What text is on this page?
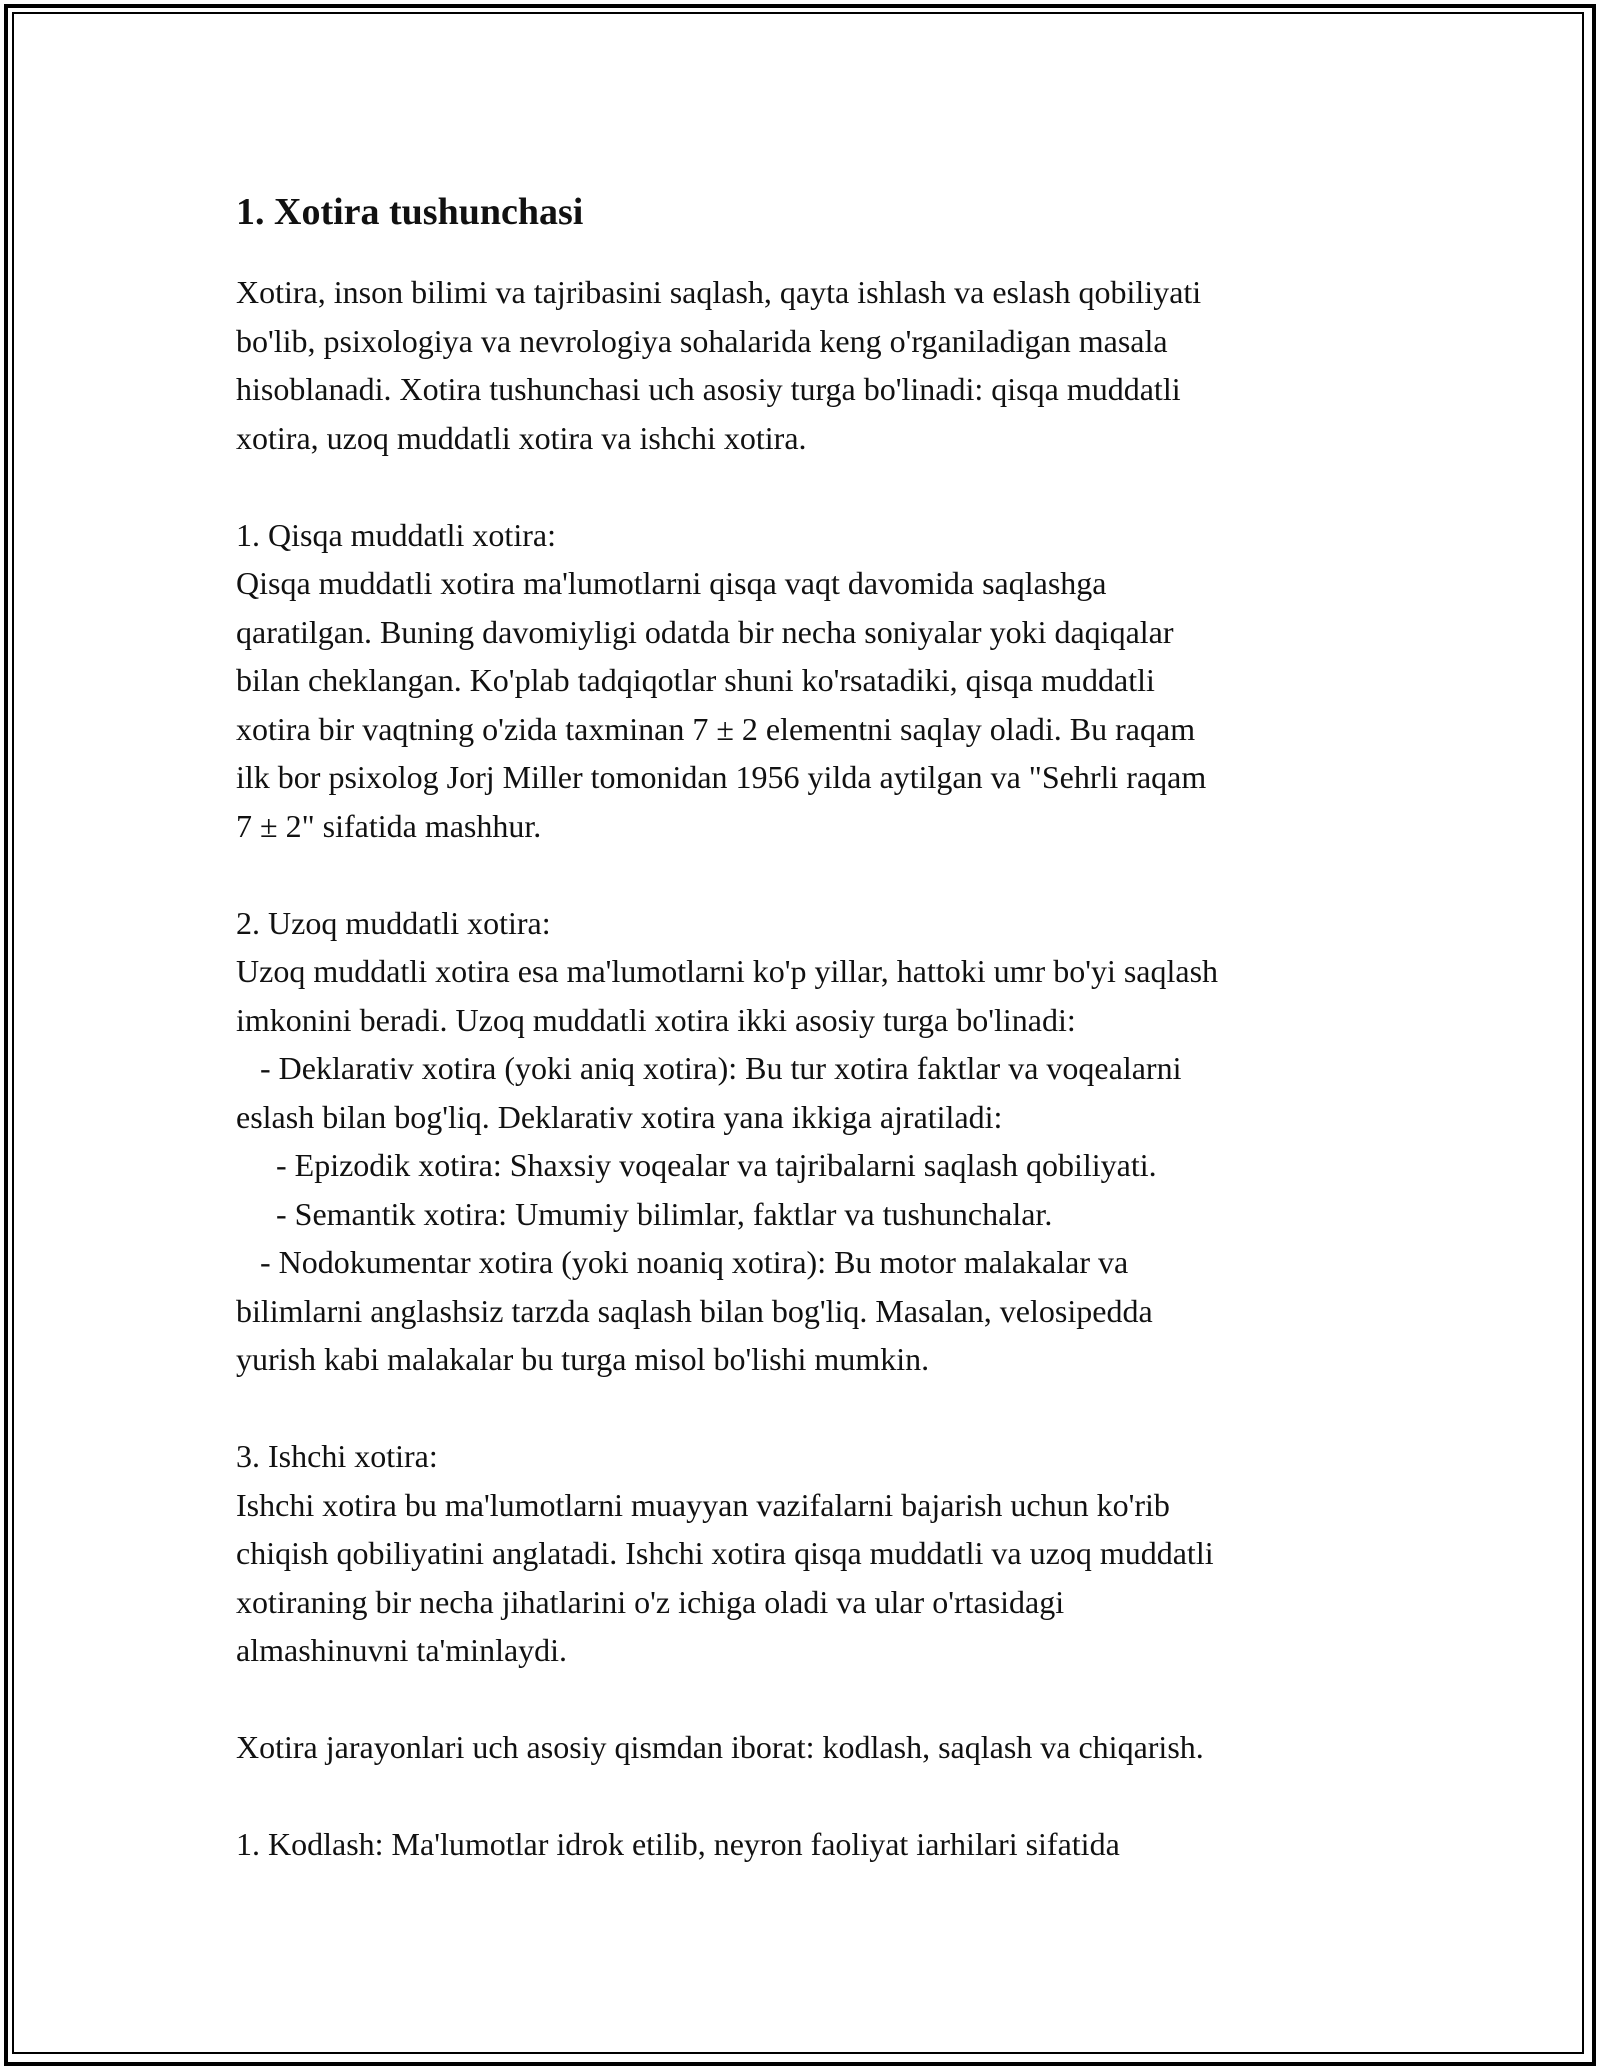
1. Xotira tushunchasi

Xotira, inson bilimi va tajribasini saqlash, qayta ishlash va eslash qobiliyati

bo'lib, psixologiya va nevrologiya sohalarida keng o'rganiladigan masala

hisoblanadi. Xotira tushunchasi uch asosiy turga bo'linadi: qisqa muddatli

xotira, uzoq muddatli xotira va ishchi xotira.

1. Qisqa muddatli xotira:

Qisqa muddatli xotira ma'lumotlarni qisqa vaqt davomida saqlashga

qaratilgan. Buning davomiyligi odatda bir necha soniyalar yoki daqiqalar

bilan cheklangan. Ko'plab tadqiqotlar shuni ko'rsatadiki, qisqa muddatli

xotira bir vaqtning o'zida taxminan 7 ± 2 elementni saqlay oladi. Bu raqam

ilk bor psixolog Jorj Miller tomonidan 1956 yilda aytilgan va "Sehrli raqam

7 ± 2" sifatida mashhur.

2. Uzoq muddatli xotira:

Uzoq muddatli xotira esa ma'lumotlarni ko'p yillar, hattoki umr bo'yi saqlash

imkonini beradi. Uzoq muddatli xotira ikki asosiy turga bo'linadi:

- Deklarativ xotira (yoki aniq xotira): Bu tur xotira faktlar va voqealarni

eslash bilan bog'liq. Deklarativ xotira yana ikkiga ajratiladi:

- Epizodik xotira: Shaxsiy voqealar va tajribalarni saqlash qobiliyati.

- Semantik xotira: Umumiy bilimlar, faktlar va tushunchalar.

- Nodokumentar xotira (yoki noaniq xotira): Bu motor malakalar va

bilimlarni anglashsiz tarzda saqlash bilan bog'liq. Masalan, velosipedda

yurish kabi malakalar bu turga misol bo'lishi mumkin.

3. Ishchi xotira:

Ishchi xotira bu ma'lumotlarni muayyan vazifalarni bajarish uchun ko'rib

chiqish qobiliyatini anglatadi. Ishchi xotira qisqa muddatli va uzoq muddatli

xotiraning bir necha jihatlarini o'z ichiga oladi va ular o'rtasidagi

almashinuvni ta'minlaydi.

Xotira jarayonlari uch asosiy qismdan iborat: kodlash, saqlash va chiqarish.

1. Kodlash: Ma'lumotlar idrok etilib, neyron faoliyat iarhilari sifatida
